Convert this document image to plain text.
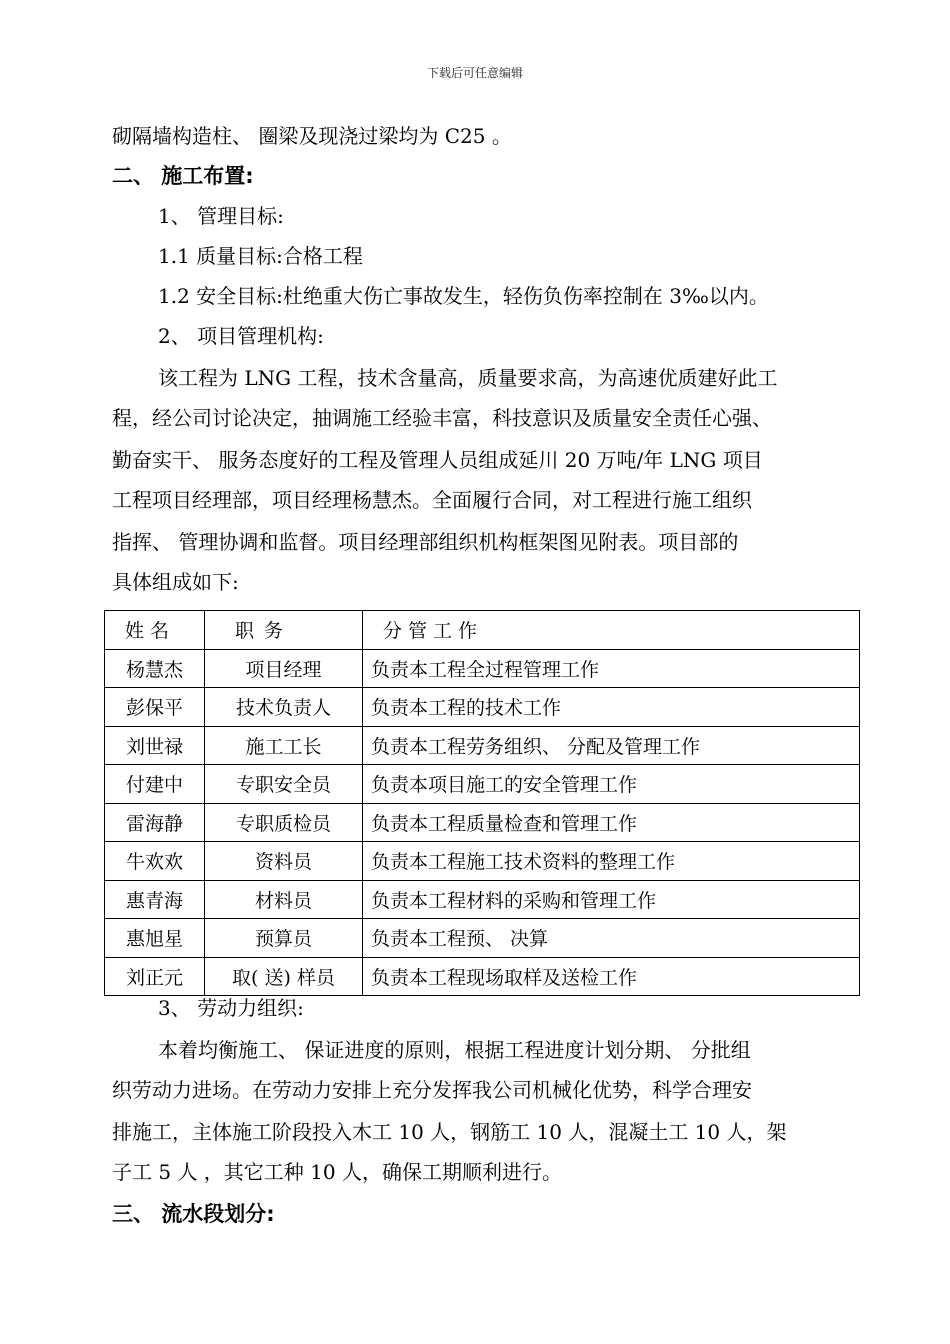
下载后可任意编辑
砌隔墙构造柱、 圈梁及现浇过梁均为 C25 。
二、 施工布置:
1、 管理目标:
1.1 质量目标:合格工程
1.2 安全目标:杜绝重大伤亡事故发生，轻伤负伤率控制在 3‰以内。
2、 项目管理机构:
该工程为 LNG 工程，技术含量高，质量要求高，为高速优质建好此工
程，经公司讨论决定，抽调施工经验丰富，科技意识及质量安全责任心强、
勤奋实干、 服务态度好的工程及管理人员组成延川 20 万吨/年 LNG 项目
工程项目经理部，项目经理杨慧杰。全面履行合同，对工程进行施工组织
指挥、 管理协调和监督。项目经理部组织机构框架图见附表。项目部的
具体组成如下:
姓名	职务	分管工作
杨慧杰	项目经理	负责本工程全过程管理工作
彭保平	技术负责人	负责本工程的技术工作
刘世禄	施工工长	负责本工程劳务组织、 分配及管理工作
付建中	专职安全员	负责本项目施工的安全管理工作
雷海静	专职质检员	负责本工程质量检查和管理工作
牛欢欢	资料员	负责本工程施工技术资料的整理工作
惠青海	材料员	负责本工程材料的采购和管理工作
惠旭星	预算员	负责本工程预、 决算
刘正元	取( 送) 样员	负责本工程现场取样及送检工作
3、 劳动力组织:
本着均衡施工、 保证进度的原则，根据工程进度计划分期、 分批组
织劳动力进场。在劳动力安排上充分发挥我公司机械化优势，科学合理安
排施工，主体施工阶段投入木工 10 人，钢筋工 10 人，混凝土工 10 人，架
子工 5 人 ，其它工种 10 人，确保工期顺利进行。
三、 流水段划分:
